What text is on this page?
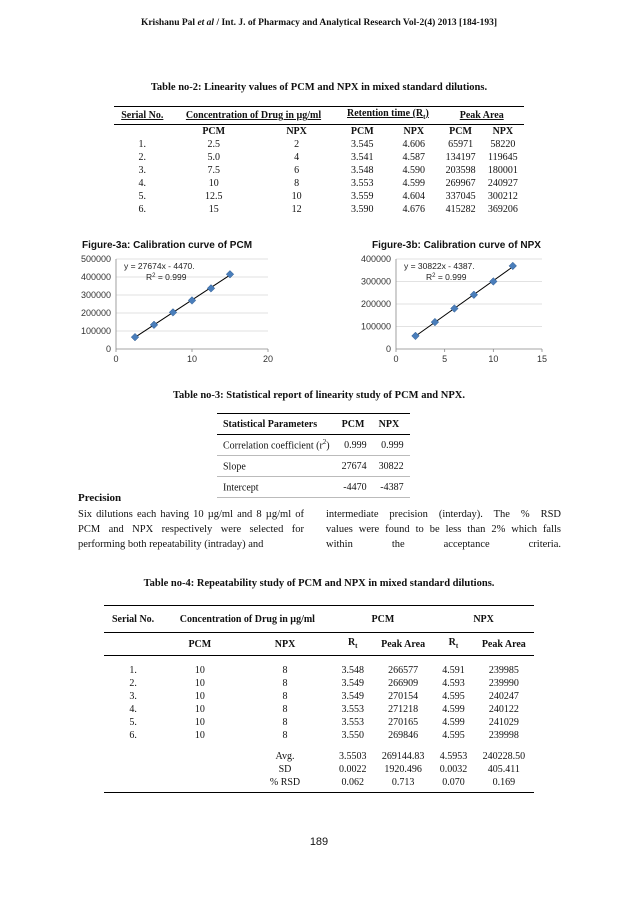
Krishanu Pal et al / Int. J. of Pharmacy and Analytical Research Vol-2(4) 2013 [184-193]
Table no-2: Linearity values of PCM and NPX in mixed standard dilutions.
Serial No.	Concentration of Drug in µg/ml		Retention time $(R_t)$		Peak Area	
	PCM	NPX	PCM	NPX	PCM	NPX
1.	2.5	2	3.545	4.606	65971	58220
2.	5.0	4	3.541	4.587	134197	119645
3.	7.5	6	3.548	4.590	203598	180001
4.	10	8	3.553	4.599	269967	240927
5.	12.5	10	3.559	4.604	337045	300212
6.	15	12	3.590	4.676	415282	369206
Figure-3a: Calibration curve of PCM	Figure-3b: Calibration curve of NPX
0
100000
200000
300000
400000
500000
0	10	20
y = 27674x - 4470.
$R^2 = 0.999$
0
100000
200000
300000
400000
0	5	10	15
y = 30822x - 4387.
$R^2 = 0.999$
Table no-3: Statistical report of linearity study of PCM and NPX.
Statistical Parameters	PCM	NPX
Correlation coefficient $(r^2)$	0.999	0.999
Slope	27674	30822
Intercept	-4470	-4387
Precision
Six dilutions each having 10 µg/ml and 8 µg/ml of
PCM and NPX respectively were selected for
performing both repeatability (intraday) and
intermediate precision (interday). The % RSD
values were found to be less than 2% which falls
within the acceptance criteria.
Table no-4: Repeatability study of PCM and NPX in mixed standard dilutions.
Serial No.	Concentration of Drug in µg/ml		PCM		NPX	
	PCM	NPX	$R_t$	Peak Area	$R_t$	Peak Area

1.	10	8	3.548	266577	4.591	239985
2.	10	8	3.549	266909	4.593	239990
3.	10	8	3.549	270154	4.595	240247
4.	10	8	3.553	271218	4.599	240122
5.	10	8	3.553	270165	4.599	241029
6.	10	8	3.550	269846	4.595	239998

		Avg.	3.5503	269144.83	4.5953	240228.50
		SD	0.0022	1920.496	0.0032	405.411
		% RSD	0.062	0.713	0.070	0.169
189
